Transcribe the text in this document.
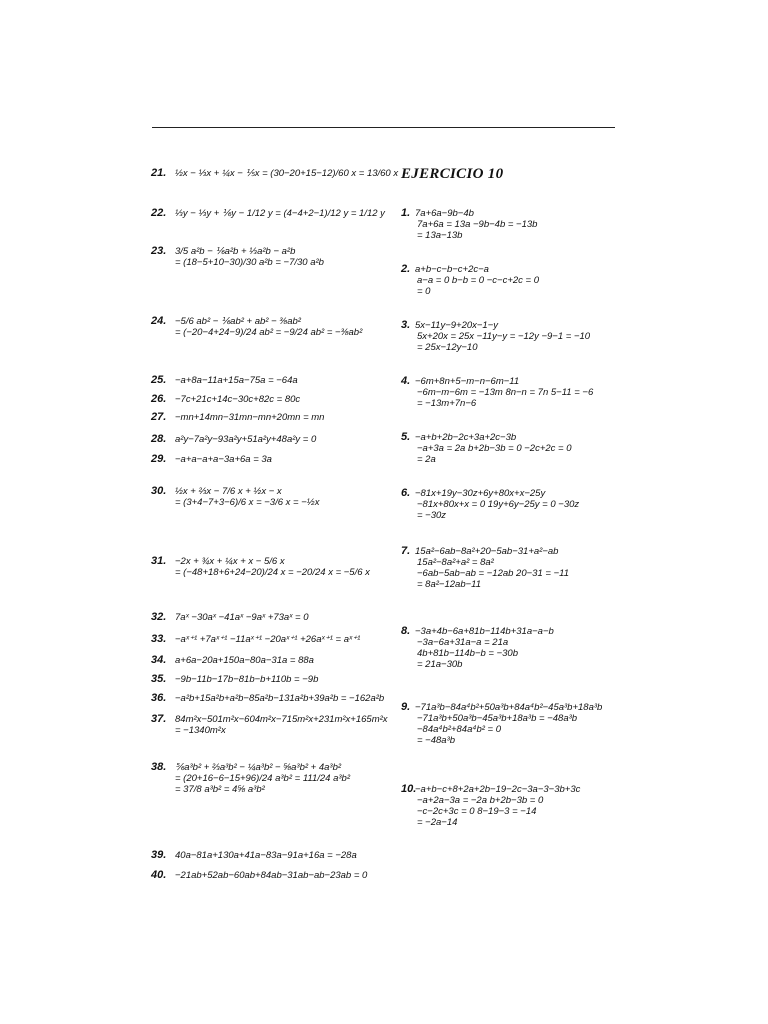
21. ½x − ⅓x + ¼x − ⅕x = (30−20+15−12)/60 x = 13/60 x
22. ⅓y − ⅓y + ⅙y − 1/12 y = (4−4+2−1)/12 y = 1/12 y
23. 3/5 a²b − ⅙a²b + ⅓a²b − a²b
= (18−5+10−30)/30 a²b = −7/30 a²b
24. −5/6 ab² − ⅙ab² + ab² − ⅜ab²
= (−20−4+24−9)/24 ab² = −9/24 ab² = −⅜ab²
25. −a+8a−11a+15a−75a = −64a
26. −7c+21c+14c−30c+82c = 80c
27. −mn+14mn−31mn−mn+20mn = mn
28. a²y−7a²y−93a²y+51a²y+48a²y = 0
29. −a+a−a+a−3a+6a = 3a
30. ½x + ⅔x − 7/6 x + ½x − x
= (3+4−7+3−6)/6 x = −3/6 x = −½x
31. −2x + ¾x + ¼x + x − 5/6 x
= (−48+18+6+24−20)/24 x = −20/24 x = −5/6 x
32. 7aˣ −30aˣ −41aˣ −9aˣ +73aˣ = 0
33. −aˣ⁺¹ +7aˣ⁺¹ −11aˣ⁺¹ −20aˣ⁺¹ +26aˣ⁺¹ = aˣ⁺¹
34. a+6a−20a+150a−80a−31a = 88a
35. −9b−11b−17b−81b−b+110b = −9b
36. −a²b+15a²b+a²b−85a²b−131a²b+39a²b = −162a²b
37. 84m²x−501m²x−604m²x−715m²x+231m²x+165m²x
= −1340m²x
38. ⅚a³b² + ⅔a³b² − ¼a³b² − ⅝a³b² + 4a³b²
= (20+16−6−15+96)/24 a³b² = 111/24 a³b²
= 37/8 a³b² = 4⅝ a³b²
39. 40a−81a+130a+41a−83a−91a+16a = −28a
40. −21ab+52ab−60ab+84ab−31ab−ab−23ab = 0
EJERCICIO 10
1. 7a+6a−9b−4b
7a+6a = 13a −9b−4b = −13b
= 13a−13b
2. a+b−c−b−c+2c−a
a−a = 0 b−b = 0 −c−c+2c = 0
= 0
3. 5x−11y−9+20x−1−y
5x+20x = 25x −11y−y = −12y −9−1 = −10
= 25x−12y−10
4. −6m+8n+5−m−n−6m−11
−6m−m−6m = −13m 8n−n = 7n 5−11 = −6
= −13m+7n−6
5. −a+b+2b−2c+3a+2c−3b
−a+3a = 2a b+2b−3b = 0 −2c+2c = 0
= 2a
6. −81x+19y−30z+6y+80x+x−25y
−81x+80x+x = 0 19y+6y−25y = 0 −30z
= −30z
7. 15a²−6ab−8a²+20−5ab−31+a²−ab
15a²−8a²+a² = 8a²
−6ab−5ab−ab = −12ab 20−31 = −11
= 8a²−12ab−11
8. −3a+4b−6a+81b−114b+31a−a−b
−3a−6a+31a−a = 21a
4b+81b−114b−b = −30b
= 21a−30b
9. −71a³b−84a⁴b²+50a³b+84a⁴b²−45a³b+18a³b
−71a³b+50a³b−45a³b+18a³b = −48a³b
−84a⁴b²+84a⁴b² = 0
= −48a³b
10.−a+b−c+8+2a+2b−19−2c−3a−3−3b+3c
−a+2a−3a = −2a b+2b−3b = 0
−c−2c+3c = 0 8−19−3 = −14
= −2a−14
